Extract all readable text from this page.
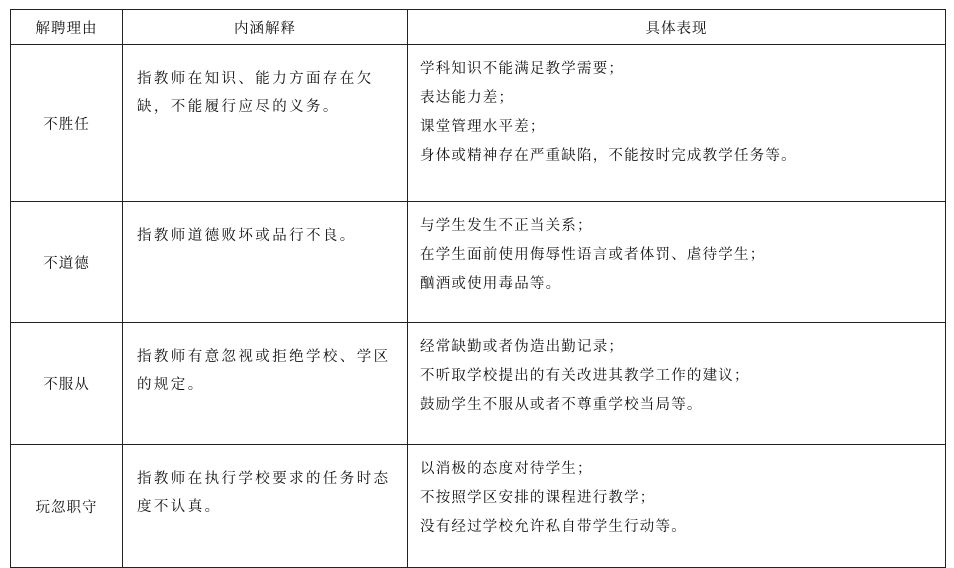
解聘理由	内涵解释	具体表现
不胜任	指教师在知识、能力方面存在欠缺，不能履行应尽的义务。	学科知识不能满足教学需要；
表达能力差；
课堂管理水平差；
身体或精神存在严重缺陷，不能按时完成教学任务等。

不道德	指教师道德败坏或品行不良。	与学生发生不正当关系；
在学生面前使用侮辱性语言或者体罚、虐待学生；
酗酒或使用毒品等。

不服从	指教师有意忽视或拒绝学校、学区的规定。	经常缺勤或者伪造出勤记录；
不听取学校提出的有关改进其教学工作的建议；
鼓励学生不服从或者不尊重学校当局等。

玩忽职守	指教师在执行学校要求的任务时态度不认真。	以消极的态度对待学生；
不按照学区安排的课程进行教学；
没有经过学校允许私自带学生行动等。
